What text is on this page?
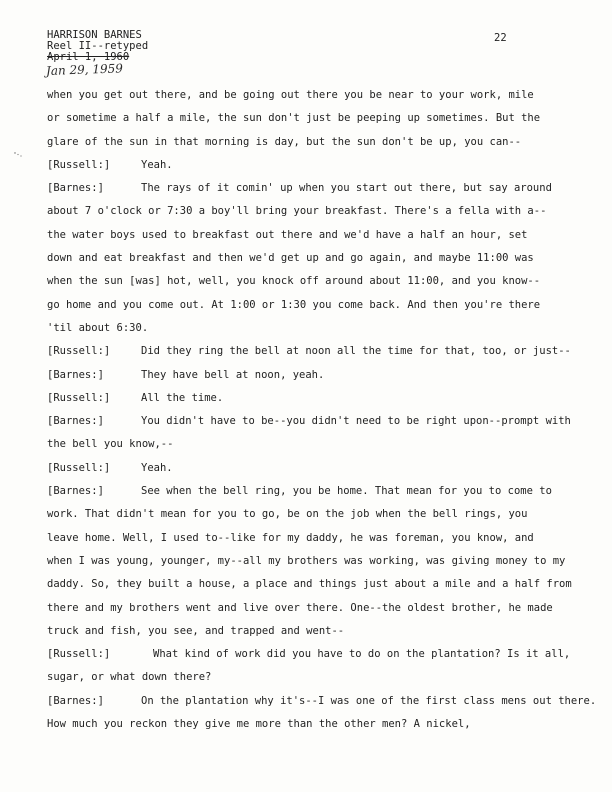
HARRISON BARNES
Reel II--retyped
April 1, 1960
Jan 29, 1959
22
when you get out there, and be going out there you be near to your work, mile
or sometime a half a mile, the sun don't just be peeping up sometimes. But the
glare of the sun in that morning is day, but the sun don't be up, you can--
[Russell:]	Yeah.
[Barnes:]	The rays of it comin' up when you start out there, but say around
about 7 o'clock or 7:30 a boy'll bring your breakfast. There's a fella with a--
the water boys used to breakfast out there and we'd have a half an hour, set
down and eat breakfast and then we'd get up and go again, and maybe 11:00 was
when the sun [was] hot, well, you knock off around about 11:00, and you know--
go home and you come out. At 1:00 or 1:30 you come back. And then you're there
'til about 6:30.
[Russell:]	Did they ring the bell at noon all the time for that, too, or just--
[Barnes:]	They have bell at noon, yeah.
[Russell:]	All the time.
[Barnes:]	You didn't have to be--you didn't need to be right upon--prompt with
the bell you know,--
[Russell:]	Yeah.
[Barnes:]	See when the bell ring, you be home. That mean for you to come to
work. That didn't mean for you to go, be on the job when the bell rings, you
leave home. Well, I used to--like for my daddy, he was foreman, you know, and
when I was young, younger, my--all my brothers was working, was giving money to my
daddy. So, they built a house, a place and things just about a mile and a half from
there and my brothers went and live over there. One--the oldest brother, he made
truck and fish, you see, and trapped and went--
[Russell:]	What kind of work did you have to do on the plantation? Is it all,
sugar, or what down there?
[Barnes:]	On the plantation why it's--I was one of the first class mens out there.
How much you reckon they give me more than the other men? A nickel,
